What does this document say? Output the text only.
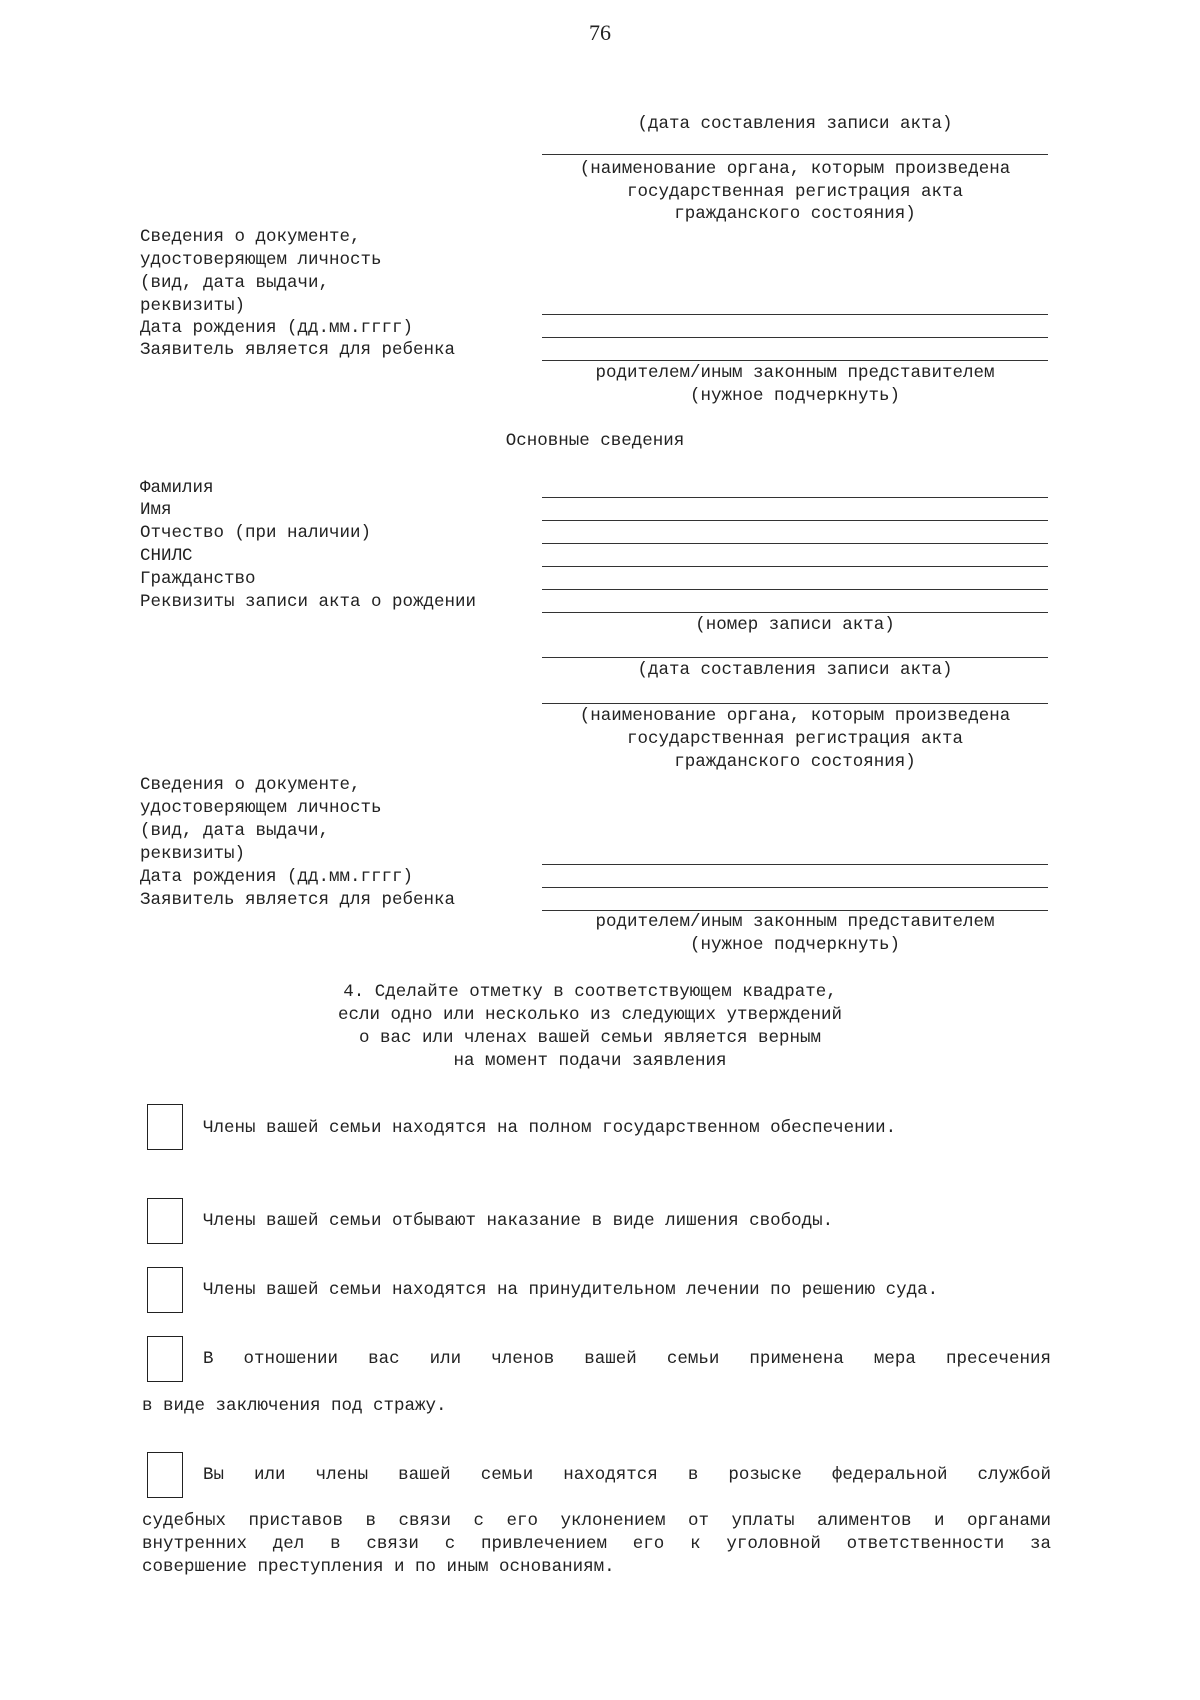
76
(дата составления записи акта)
(наименование органа, которым произведена
государственная регистрация акта
гражданского состояния)
Сведения о документе,
удостоверяющем личность
(вид, дата выдачи,
реквизиты)
Дата рождения (дд.мм.гггг)
Заявитель является для ребенка
родителем/иным законным представителем
(нужное подчеркнуть)
Основные сведения
Фамилия
Имя
Отчество (при наличии)
СНИЛС
Гражданство
Реквизиты записи акта о рождении
(номер записи акта)
(дата составления записи акта)
(наименование органа, которым произведена
государственная регистрация акта
гражданского состояния)
Сведения о документе,
удостоверяющем личность
(вид, дата выдачи,
реквизиты)
Дата рождения (дд.мм.гггг)
Заявитель является для ребенка
родителем/иным законным представителем
(нужное подчеркнуть)
4. Сделайте отметку в соответствующем квадрате,
если одно или несколько из следующих утверждений
о вас или членах вашей семьи является верным
на момент подачи заявления
Члены вашей семьи находятся на полном государственном обеспечении.
Члены вашей семьи отбывают наказание в виде лишения свободы.
Члены вашей семьи находятся на принудительном лечении по решению суда.
В отношении вас или членов вашей семьи применена мера пресечения
в виде заключения под стражу.
Вы или члены вашей семьи находятся в розыске федеральной службой
судебных приставов в связи с его уклонением от уплаты алиментов и органами
внутренних дел в связи с привлечением его к уголовной ответственности за
совершение преступления и по иным основаниям.
